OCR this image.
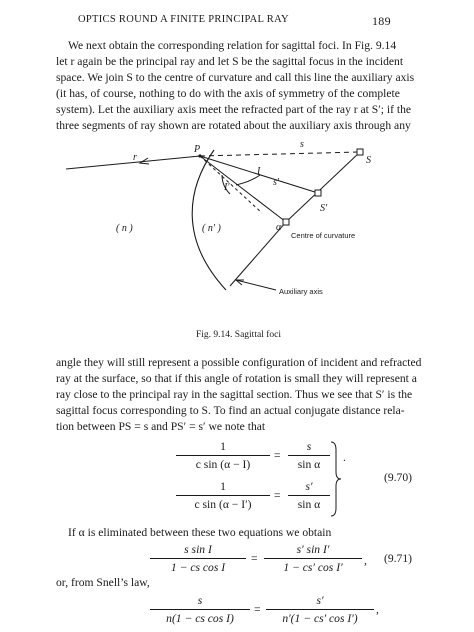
OPTICS ROUND A FINITE PRINCIPAL RAY	189
We next obtain the corresponding relation for sagittal foci. In Fig. 9.14
let r again be the principal ray and let S be the sagittal focus in the incident
space. We join S to the centre of curvature and call this line the auxiliary axis
(it has, of course, nothing to do with the axis of symmetry of the complete
system). Let the auxiliary axis meet the refracted part of the ray r at S′; if the
three segments of ray shown are rotated about the auxiliary axis through any
r
P	s
S
I
I′	s′
S′
( n )	( n′ )	α
Centre of curvature
Auxiliary axis
Fig. 9.14. Sagittal foci
angle they will still represent a possible configuration of incident and refracted
ray at the surface, so that if this angle of rotation is small they will represent a
ray close to the principal ray in the sagittal section. Thus we see that S′ is the
sagittal focus corresponding to S. To find an actual conjugate distance rela-
tion between PS = s and PS′ = s′ we note that
1
c sin (α − I)
=
s
sin α
1
c sin (α − I′)
=
s′
sin α
.
(9.70)
If α is eliminated between these two equations we obtain
s sin I
1 − cs cos I
=
s′ sin I′
1 − cs′ cos I′
, (9.71)
or, from Snell’s law,
s
n(1 − cs cos I)
=
s′
n′(1 − cs′ cos I′)
,
